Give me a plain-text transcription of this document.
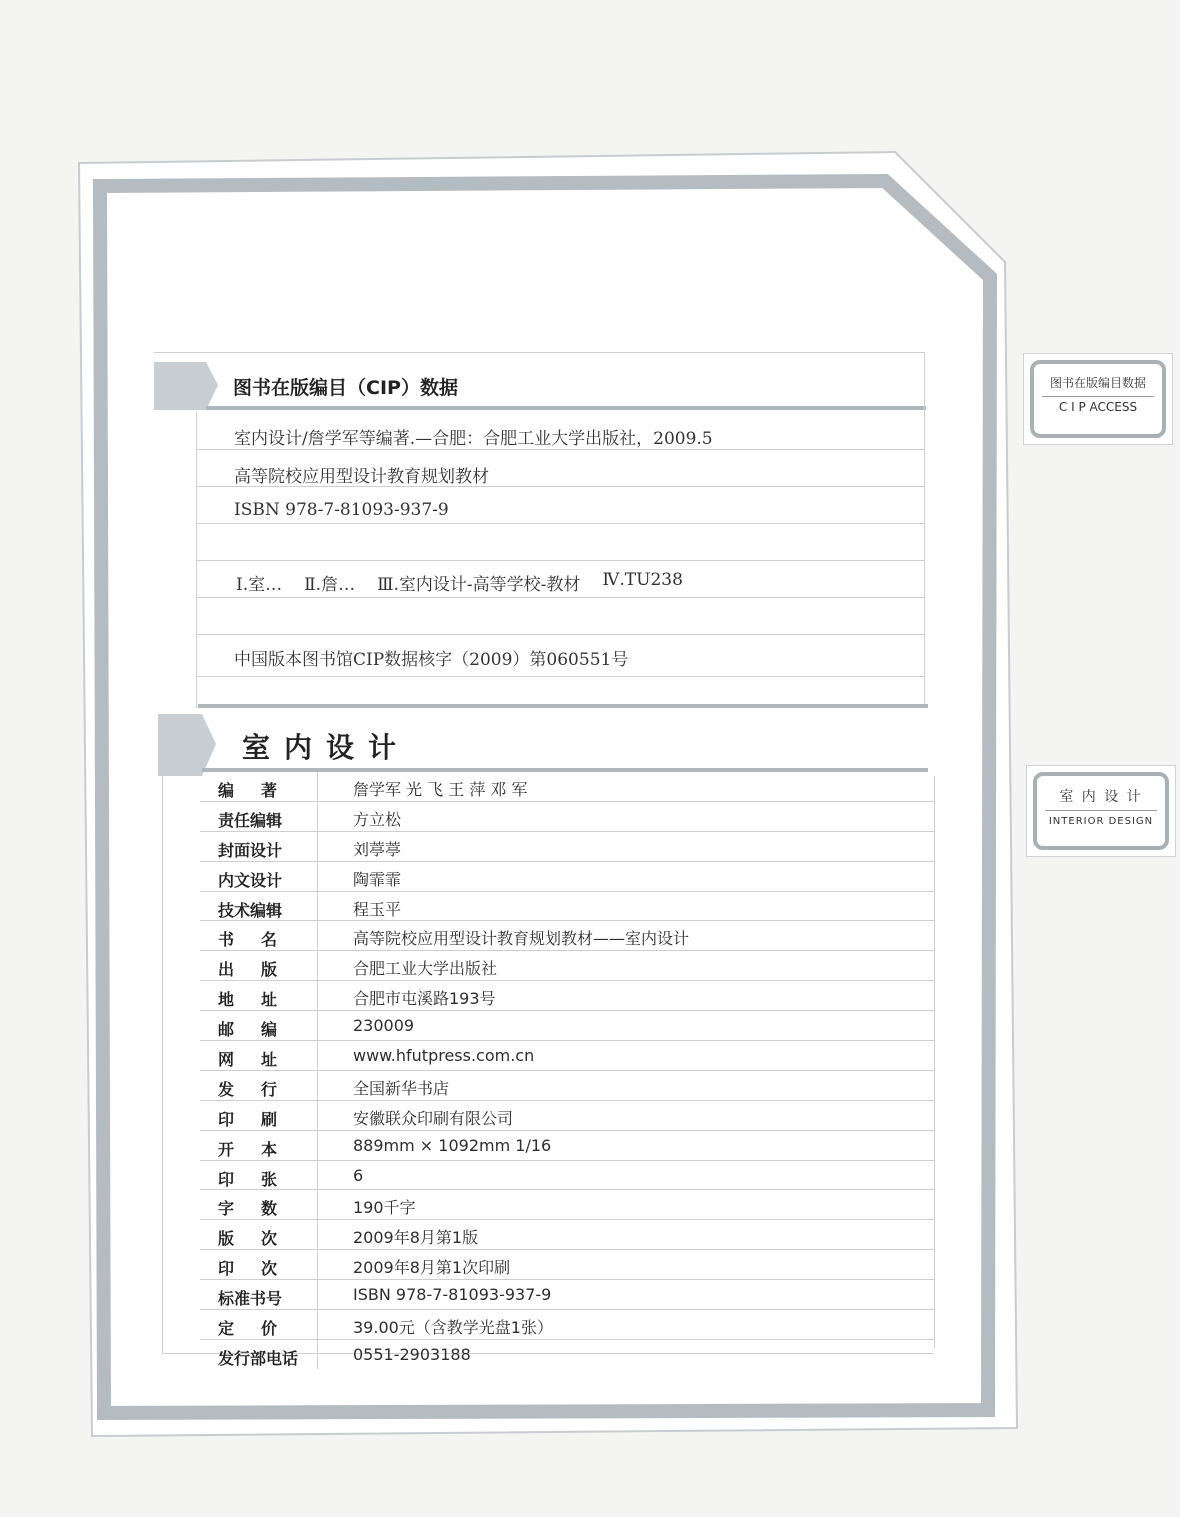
图书在版编目数据
C I P ACCESS
室 内 设 计
INTERIOR DESIGN
图书在版编目（CIP）数据
室内设计/詹学军等编著.—合肥：合肥工业大学出版社，2009.5
高等院校应用型设计教育规划教材
ISBN 978-7-81093-937-9
Ⅰ.室… Ⅱ.詹… Ⅲ.室内设计-高等学校-教材 Ⅳ.TU238
中国版本图书馆CIP数据核字（2009）第060551号
室内设计
编著	詹学军 光 飞 王 萍 邓 军
责任编辑	方立松
封面设计	刘葶葶
内文设计	陶霏霏
技术编辑	程玉平
书名	高等院校应用型设计教育规划教材——室内设计
出版	合肥工业大学出版社
地址	合肥市屯溪路193号
邮编	230009
网址	www.hfutpress.com.cn
发行	全国新华书店
印刷	安徽联众印刷有限公司
开本	889mm × 1092mm 1/16
印张	6
字数	190千字
版次	2009年8月第1版
印次	2009年8月第1次印刷
标准书号	ISBN 978-7-81093-937-9
定价	39.00元（含教学光盘1张）
发行部电话	0551-2903188
